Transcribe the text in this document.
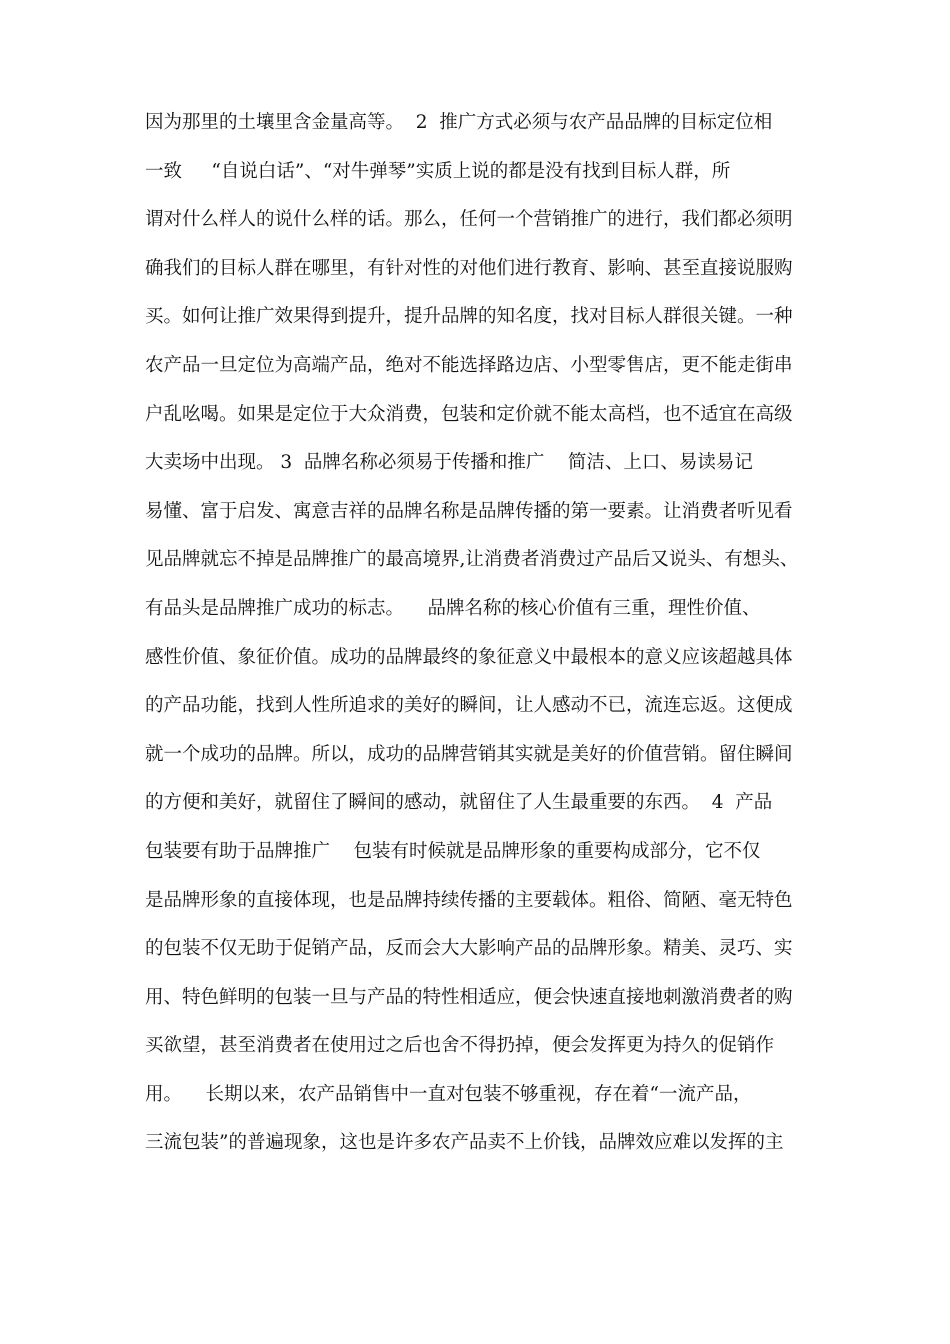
因为那里的土壤里含金量高等。  2  推广方式必须与农产品品牌的目标定位相
一致     “自说白话”、“对牛弹琴”实质上说的都是没有找到目标人群，所
谓对什么样人的说什么样的话。那么，任何一个营销推广的进行，我们都必须明
确我们的目标人群在哪里，有针对性的对他们进行教育、影响、甚至直接说服购
买。如何让推广效果得到提升，提升品牌的知名度，找对目标人群很关键。一种
农产品一旦定位为高端产品，绝对不能选择路边店、小型零售店，更不能走街串
户乱吆喝。如果是定位于大众消费，包装和定价就不能太高档，也不适宜在高级
大卖场中出现。 3  品牌名称必须易于传播和推广    简洁、上口、易读易记
易懂、富于启发、寓意吉祥的品牌名称是品牌传播的第一要素。让消费者听见看
见品牌就忘不掉是品牌推广的最高境界,让消费者消费过产品后又说头、有想头、
有品头是品牌推广成功的标志。    品牌名称的核心价值有三重，理性价值、
感性价值、象征价值。成功的品牌最终的象征意义中最根本的意义应该超越具体
的产品功能，找到人性所追求的美好的瞬间，让人感动不已，流连忘返。这便成
就一个成功的品牌。所以，成功的品牌营销其实就是美好的价值营销。留住瞬间
的方便和美好，就留住了瞬间的感动，就留住了人生最重要的东西。  4  产品
包装要有助于品牌推广    包装有时候就是品牌形象的重要构成部分，它不仅
是品牌形象的直接体现，也是品牌持续传播的主要载体。粗俗、简陋、毫无特色
的包装不仅无助于促销产品，反而会大大影响产品的品牌形象。精美、灵巧、实
用、特色鲜明的包装一旦与产品的特性相适应，便会快速直接地刺激消费者的购
买欲望，甚至消费者在使用过之后也舍不得扔掉，便会发挥更为持久的促销作
用。    长期以来，农产品销售中一直对包装不够重视，存在着“一流产品，
三流包装”的普遍现象，这也是许多农产品卖不上价钱，品牌效应难以发挥的主
